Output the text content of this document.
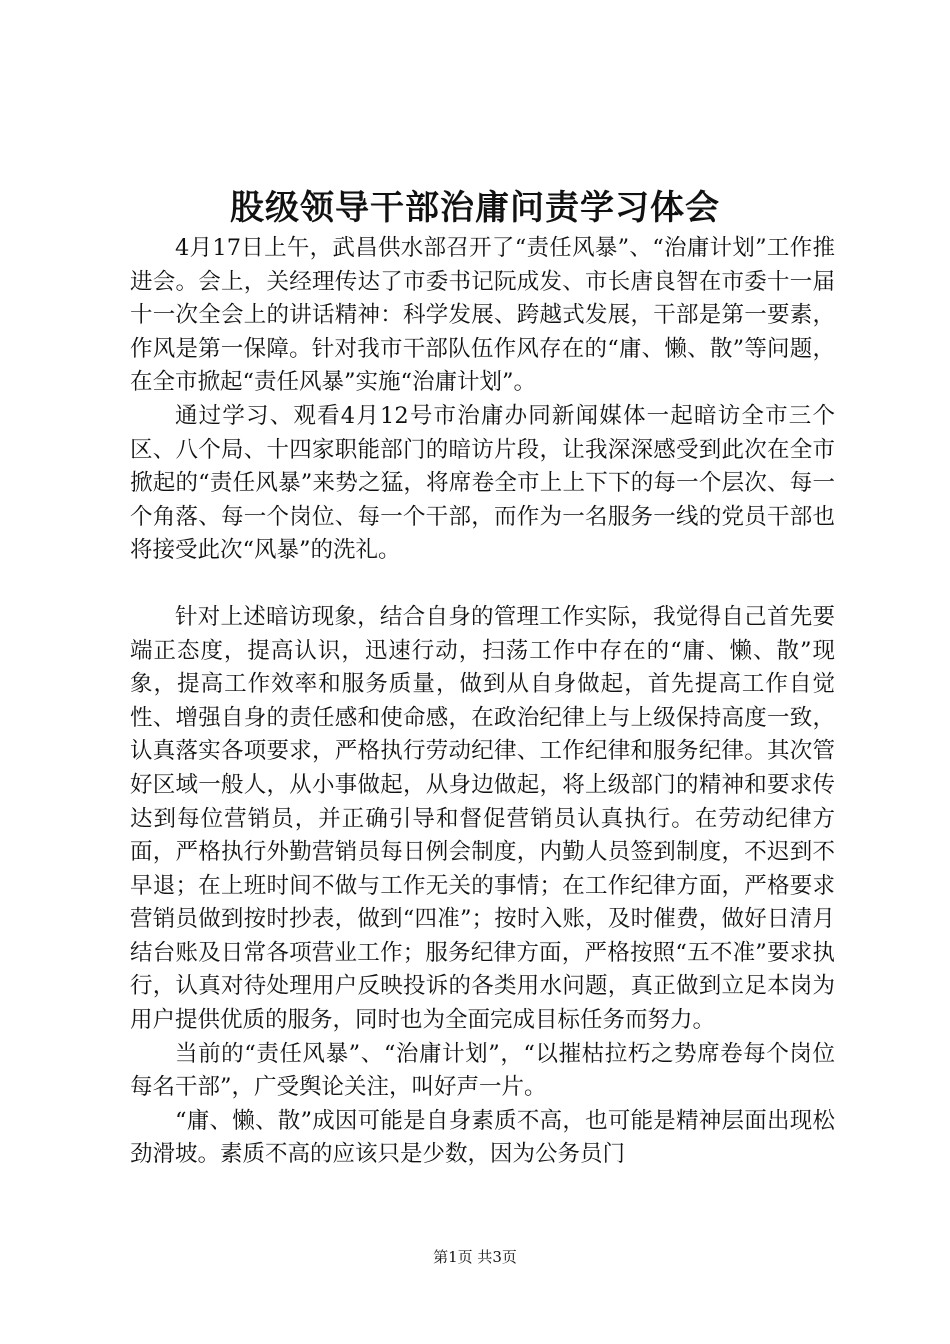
股级领导干部治庸问责学习体会

4月17日上午，武昌供水部召开了“责任风暴”、“治庸计划”工作推进会。会上，关经理传达了市委书记阮成发、市长唐良智在市委十一届十一次全会上的讲话精神：科学发展、跨越式发展，干部是第一要素，作风是第一保障。针对我市干部队伍作风存在的“庸、懒、散”等问题，在全市掀起“责任风暴”实施“治庸计划”。

通过学习、观看4月12号市治庸办同新闻媒体一起暗访全市三个区、八个局、十四家职能部门的暗访片段，让我深深感受到此次在全市掀起的“责任风暴”来势之猛，将席卷全市上上下下的每一个层次、每一个角落、每一个岗位、每一个干部，而作为一名服务一线的党员干部也将接受此次“风暴”的洗礼。

针对上述暗访现象，结合自身的管理工作实际，我觉得自己首先要端正态度，提高认识，迅速行动，扫荡工作中存在的“庸、懒、散”现象，提高工作效率和服务质量，做到从自身做起，首先提高工作自觉性、增强自身的责任感和使命感，在政治纪律上与上级保持高度一致，认真落实各项要求，严格执行劳动纪律、工作纪律和服务纪律。其次管好区域一般人，从小事做起，从身边做起，将上级部门的精神和要求传达到每位营销员，并正确引导和督促营销员认真执行。在劳动纪律方面，严格执行外勤营销员每日例会制度，内勤人员签到制度，不迟到不早退；在上班时间不做与工作无关的事情；在工作纪律方面，严格要求营销员做到按时抄表，做到“四准”；按时入账，及时催费，做好日清月结台账及日常各项营业工作；服务纪律方面，严格按照“五不准”要求执行，认真对待处理用户反映投诉的各类用水问题，真正做到立足本岗为用户提供优质的服务，同时也为全面完成目标任务而努力。

当前的“责任风暴”、“治庸计划”，“以摧枯拉朽之势席卷每个岗位每名干部”，广受舆论关注，叫好声一片。

“庸、懒、散”成因可能是自身素质不高，也可能是精神层面出现松劲滑坡。素质不高的应该只是少数，因为公务员门

第1页 共3页
